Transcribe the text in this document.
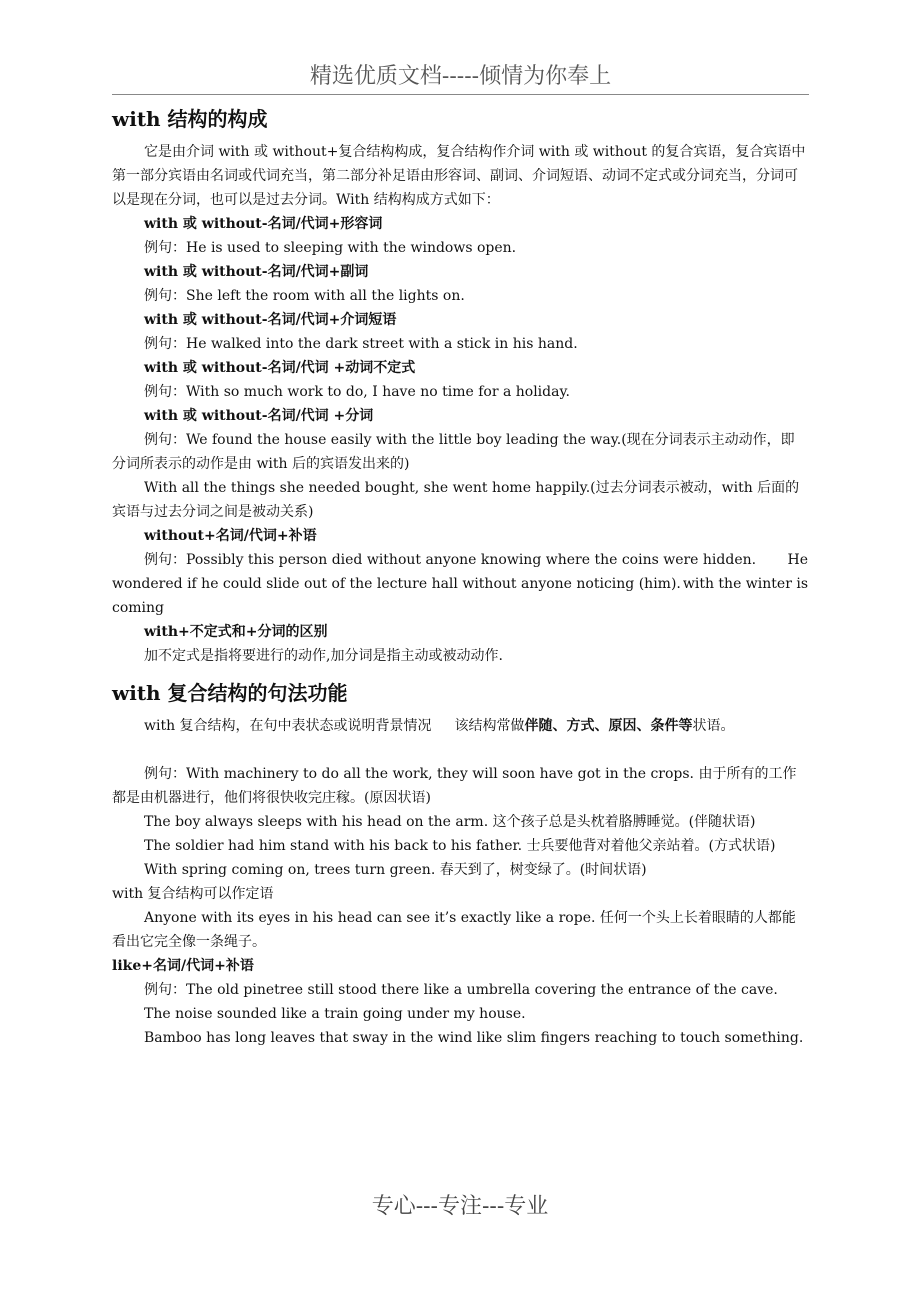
精选优质文档-----倾情为你奉上
with 结构的构成

它是由介词 with 或 without+复合结构构成，复合结构作介词 with 或 without 的复合宾语，复合宾语中第一部分宾语由名词或代词充当，第二部分补足语由形容词、副词、介词短语、动词不定式或分词充当，分词可以是现在分词，也可以是过去分词。With 结构构成方式如下：

with 或 without-名词/代词+形容词

例句：He is used to sleeping with the windows open.

with 或 without-名词/代词+副词

例句：She left the room with all the lights on.

with 或 without-名词/代词+介词短语

例句：He walked into the dark street with a stick in his hand.

with 或 without-名词/代词 +动词不定式

例句：With so much work to do, I have no time for a holiday.

with 或 without-名词/代词 +分词

例句：We found the house easily with the little boy leading the way.(现在分词表示主动动作，即分词所表示的动作是由 with 后的宾语发出来的)

With all the things she needed bought, she went home happily.(过去分词表示被动，with 后面的宾语与过去分词之间是被动关系)

without+名词/代词+补语

例句：Possibly this person died without anyone knowing where the coins were hidden. He
wondered if he could slide out of the lecture hall without anyone noticing (him). with the winter is

coming

with+不定式和+分词的区别

加不定式是指将要进行的动作,加分词是指主动或被动动作.

with 复合结构的句法功能

with 复合结构，在句中表状态或说明背景情况 该结构常做伴随、方式、原因、条件等状语。

例句：With machinery to do all the work, they will soon have got in the crops. 由于所有的工作都是由机器进行，他们将很快收完庄稼。(原因状语)

The boy always sleeps with his head on the arm. 这个孩子总是头枕着胳膊睡觉。(伴随状语)

The soldier had him stand with his back to his father. 士兵要他背对着他父亲站着。(方式状语)

With spring coming on, trees turn green. 春天到了，树变绿了。(时间状语)

with 复合结构可以作定语

Anyone with its eyes in his head can see it’s exactly like a rope. 任何一个头上长着眼睛的人都能看出它完全像一条绳子。

like+名词/代词+补语

例句：The old pinetree still stood there like a umbrella covering the entrance of the cave.

The noise sounded like a train going under my house.

Bamboo has long leaves that sway in the wind like slim fingers reaching to touch something.

专心---专注---专业
